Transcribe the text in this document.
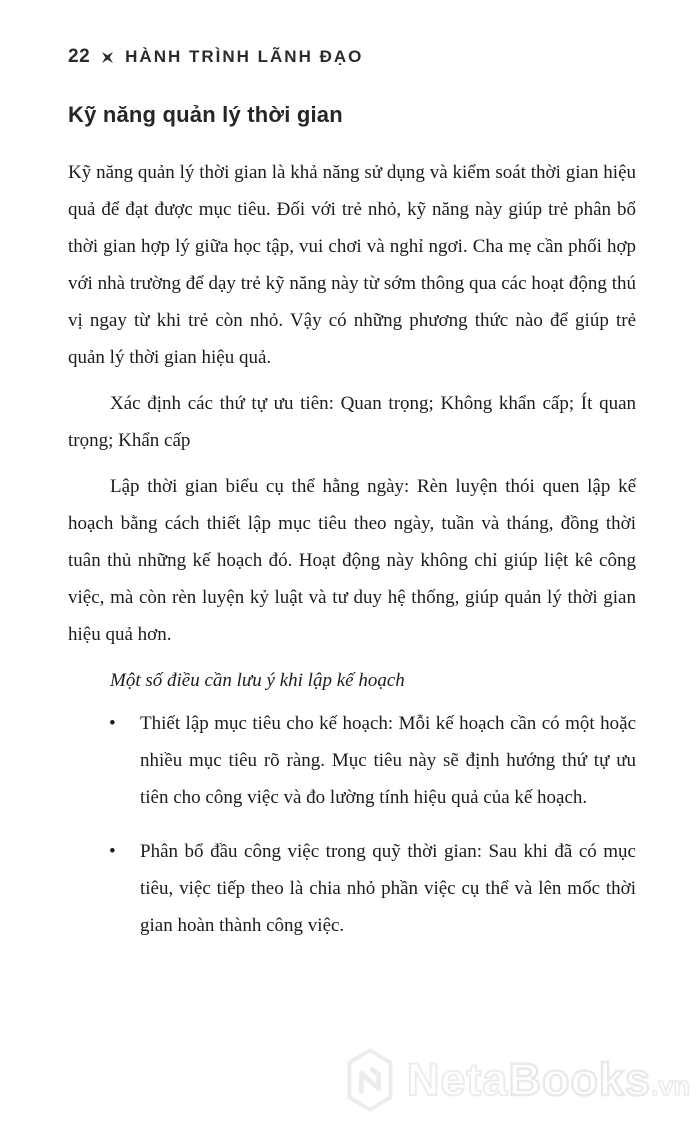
22 HÀNH TRÌNH LÃNH ĐẠO
Kỹ năng quản lý thời gian

Kỹ năng quản lý thời gian là khả năng sử dụng và kiểm soát thời gian hiệu quả để đạt được mục tiêu. Đối với trẻ nhỏ, kỹ năng này giúp trẻ phân bổ thời gian hợp lý giữa học tập, vui chơi và nghỉ ngơi. Cha mẹ cần phối hợp với nhà trường để dạy trẻ kỹ năng này từ sớm thông qua các hoạt động thú vị ngay từ khi trẻ còn nhỏ. Vậy có những phương thức nào để giúp trẻ quản lý thời gian hiệu quả.

Xác định các thứ tự ưu tiên: Quan trọng; Không khẩn cấp; Ít quan trọng; Khẩn cấp

Lập thời gian biểu cụ thể hằng ngày: Rèn luyện thói quen lập kế hoạch bằng cách thiết lập mục tiêu theo ngày, tuần và tháng, đồng thời tuân thủ những kế hoạch đó. Hoạt động này không chỉ giúp liệt kê công việc, mà còn rèn luyện kỷ luật và tư duy hệ thống, giúp quản lý thời gian hiệu quả hơn.

Một số điều cần lưu ý khi lập kế hoạch

• Thiết lập mục tiêu cho kế hoạch: Mỗi kế hoạch cần có một hoặc nhiều mục tiêu rõ ràng. Mục tiêu này sẽ định hướng thứ tự ưu tiên cho công việc và đo lường tính hiệu quả của kế hoạch.
• Phân bổ đầu công việc trong quỹ thời gian: Sau khi đã có mục tiêu, việc tiếp theo là chia nhỏ phần việc cụ thể và lên mốc thời gian hoàn thành công việc.
NetaBooks.vn
